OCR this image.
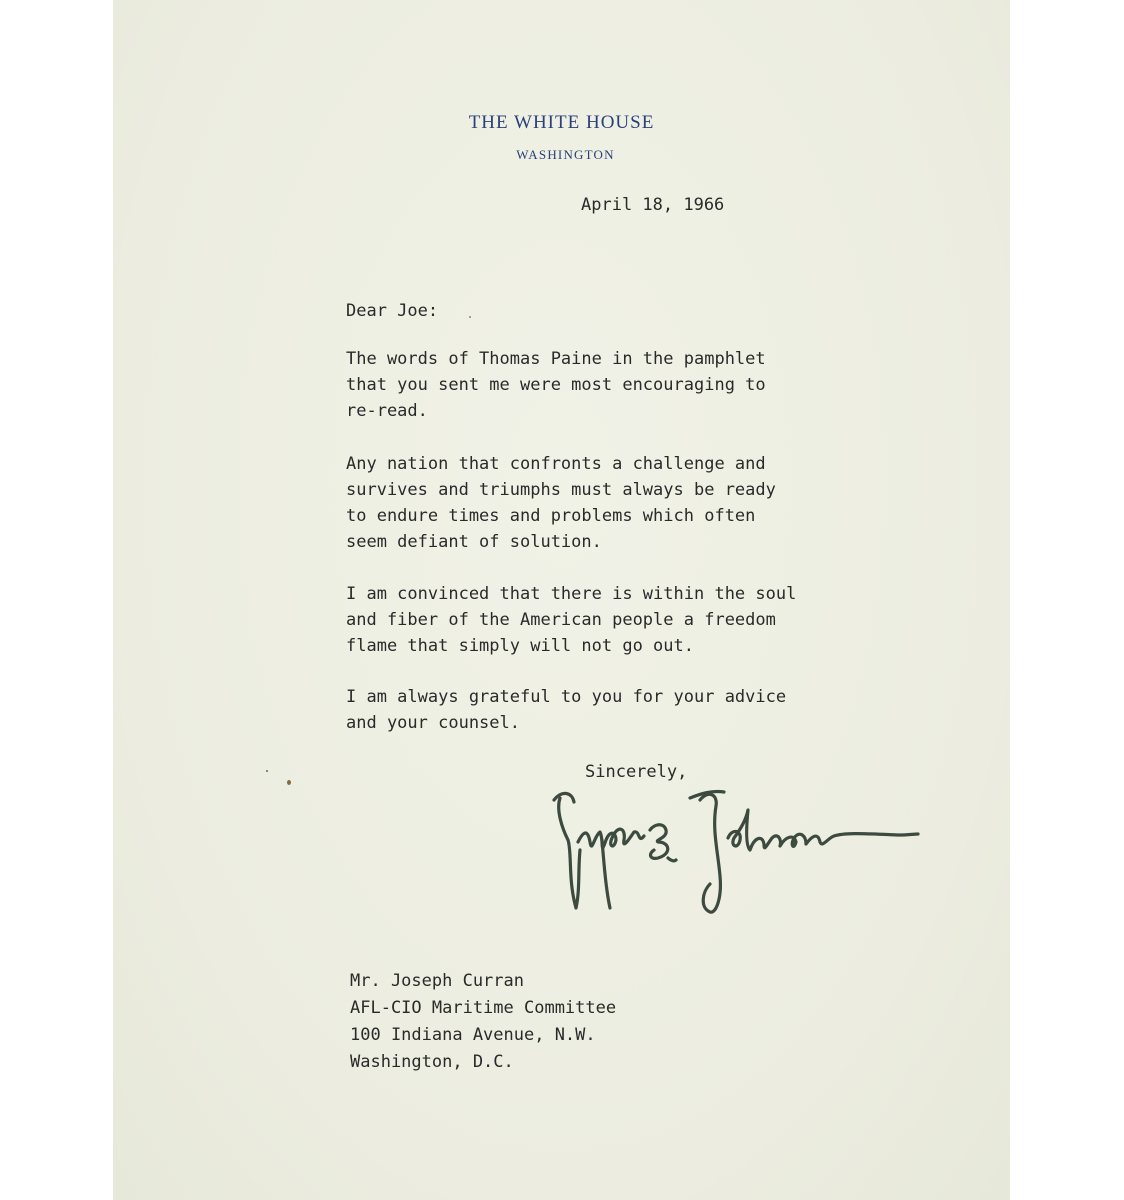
THE WHITE HOUSE
WASHINGTON

April 18, 1966

Dear Joe:

The words of Thomas Paine in the pamphlet
that you sent me were most encouraging to
re-read.
Any nation that confronts a challenge and
survives and triumphs must always be ready
to endure times and problems which often
seem defiant of solution.
I am convinced that there is within the soul
and fiber of the American people a freedom
flame that simply will not go out.
I am always grateful to you for your advice
and your counsel.

Sincerely,

Mr. Joseph Curran
AFL-CIO Maritime Committee
100 Indiana Avenue, N.W.
Washington, D.C.
